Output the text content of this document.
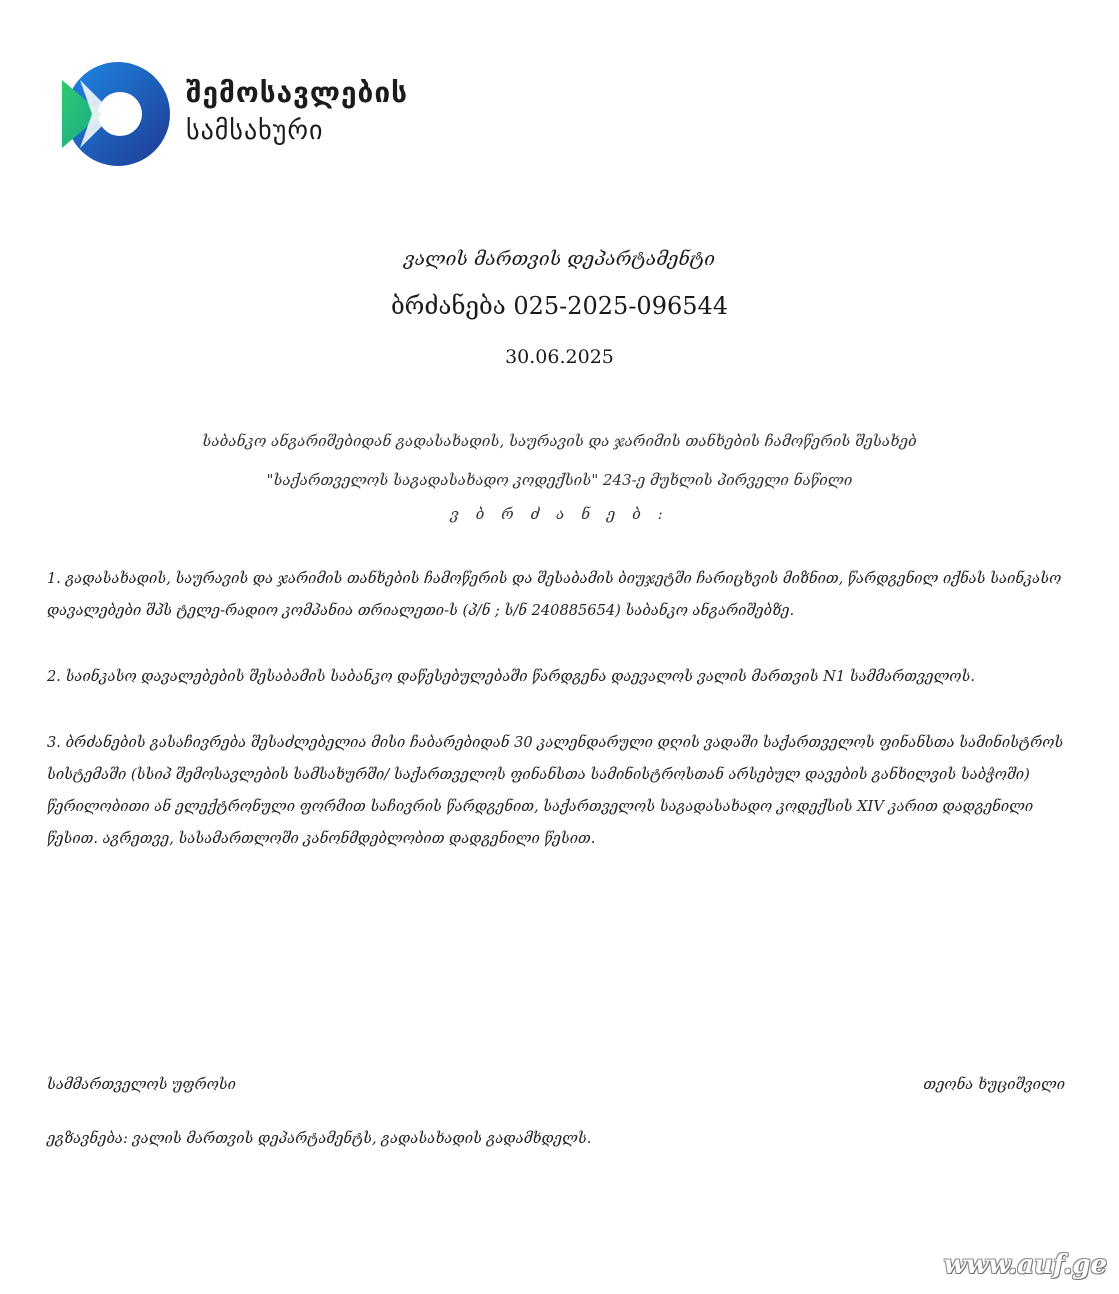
შემოსავლების
სამსახური
ვალის მართვის დეპარტამენტი
ბრძანება 025-2025-096544
30.06.2025
საბანკო ანგარიშებიდან გადასახადის, საურავის და ჯარიმის თანხების ჩამოწერის შესახებ
"საქართველოს საგადასახადო კოდექსის" 243-ე მუხლის პირველი ნაწილი
ვ ბ რ ძ ა ნ ე ბ :

1. გადასახადის, საურავის და ჯარიმის თანხების ჩამოწერის და შესაბამის ბიუჯეტში ჩარიცხვის მიზნით, წარდგენილ იქნას საინკასო დავალებები შპს ტელე-რადიო კომპანია თრიალეთი-ს (პ/ნ ; ს/ნ 240885654) საბანკო ანგარიშებზე.

2. საინკასო დავალებების შესაბამის საბანკო დაწესებულებაში წარდგენა დაევალოს ვალის მართვის N1 სამმართველოს.

3. ბრძანების გასაჩივრება შესაძლებელია მისი ჩაბარებიდან 30 კალენდარული დღის ვადაში საქართველოს ფინანსთა სამინისტროს სისტემაში (სსიპ შემოსავლების სამსახურში/ საქართველოს ფინანსთა სამინისტროსთან არსებულ დავების განხილვის საბჭოში) წერილობითი ან ელექტრონული ფორმით საჩივრის წარდგენით, საქართველოს საგადასახადო კოდექსის XIV კარით დადგენილი წესით. აგრეთვე, სასამართლოში კანონმდებლობით დადგენილი წესით.

სამმართველოს უფროსი	თეონა ხუციშვილი
ეგზავნება: ვალის მართვის დეპარტამენტს, გადასახადის გადამხდელს.
www.auf.ge
